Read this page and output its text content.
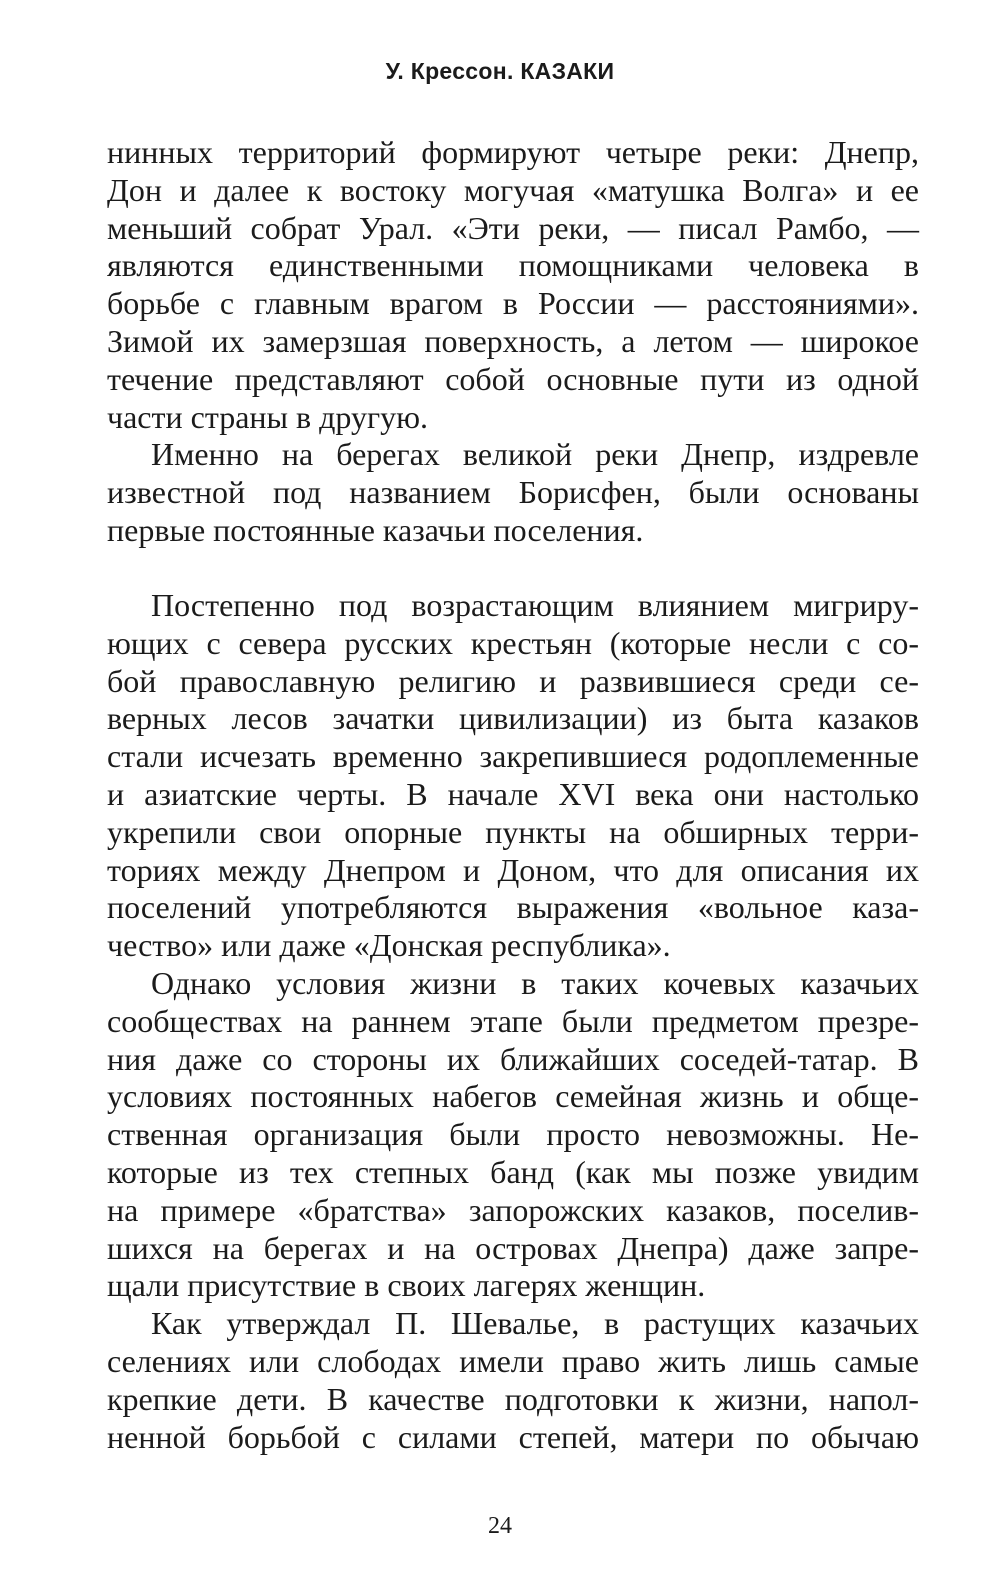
У. Крессон. КАЗАКИ
нинных территорий формируют четыре реки: Днепр,
Дон и далее к востоку могучая «матушка Волга» и ее
меньший собрат Урал. «Эти реки, — писал Рамбо, —
являются единственными помощниками человека в
борьбе с главным врагом в России — расстояниями».
Зимой их замерзшая поверхность, а летом — широкое
течение представляют собой основные пути из одной
части страны в другую.
Именно на берегах великой реки Днепр, издревле
известной под названием Борисфен, были основаны
первые постоянные казачьи поселения.
Постепенно под возрастающим влиянием мигриру-
ющих с севера русских крестьян (которые несли с со-
бой православную религию и развившиеся среди се-
верных лесов зачатки цивилизации) из быта казаков
стали исчезать временно закрепившиеся родоплеменные
и азиатские черты. В начале XVI века они настолько
укрепили свои опорные пункты на обширных терри-
ториях между Днепром и Доном, что для описания их
поселений употребляются выражения «вольное каза-
чество» или даже «Донская республика».
Однако условия жизни в таких кочевых казачьих
сообществах на раннем этапе были предметом презре-
ния даже со стороны их ближайших соседей-татар. В
условиях постоянных набегов семейная жизнь и обще-
ственная организация были просто невозможны. Не-
которые из тех степных банд (как мы позже увидим
на примере «братства» запорожских казаков, поселив-
шихся на берегах и на островах Днепра) даже запре-
щали присутствие в своих лагерях женщин.
Как утверждал П. Шевалье, в растущих казачьих
селениях или слободах имели право жить лишь самые
крепкие дети. В качестве подготовки к жизни, напол-
ненной борьбой с силами степей, матери по обычаю
24
